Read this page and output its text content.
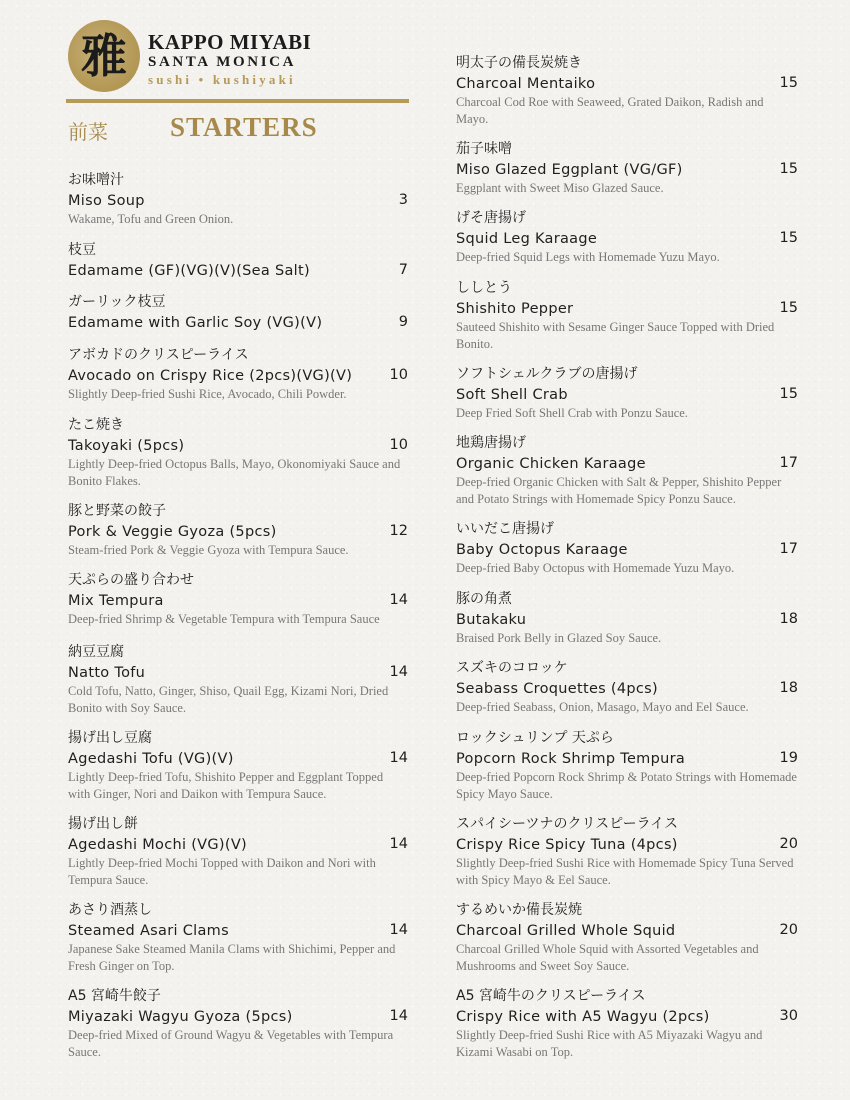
雅	KAPPO MIYABI
SANTA MONICA
sushi • kushiyaki
前菜 STARTERS
お味噌汁
Miso Soup	3
Wakame, Tofu and Green Onion.
枝豆
Edamame (GF)(VG)(V)(Sea Salt)	7
ガーリック枝豆
Edamame with Garlic Soy (VG)(V)	9
アボカドのクリスピーライス
Avocado on Crispy Rice (2pcs)(VG)(V)	10
Slightly Deep-fried Sushi Rice, Avocado, Chili Powder.
たこ焼き
Takoyaki (5pcs)	10
Lightly Deep-fried Octopus Balls, Mayo, Okonomiyaki Sauce and Bonito Flakes.
豚と野菜の餃子
Pork & Veggie Gyoza (5pcs)	12
Steam-fried Pork & Veggie Gyoza with Tempura Sauce.
天ぷらの盛り合わせ
Mix Tempura	14
Deep-fried Shrimp & Vegetable Tempura with Tempura Sauce
納豆豆腐
Natto Tofu	14
Cold Tofu, Natto, Ginger, Shiso, Quail Egg, Kizami Nori, Dried Bonito with Soy Sauce.
揚げ出し豆腐
Agedashi Tofu (VG)(V)	14
Lightly Deep-fried Tofu, Shishito Pepper and Eggplant Topped with Ginger, Nori and Daikon with Tempura Sauce.
揚げ出し餅
Agedashi Mochi (VG)(V)	14
Lightly Deep-fried Mochi Topped with Daikon and Nori with Tempura Sauce.
あさり酒蒸し
Steamed Asari Clams	14
Japanese Sake Steamed Manila Clams with Shichimi, Pepper and Fresh Ginger on Top.
A5 宮崎牛餃子
Miyazaki Wagyu Gyoza (5pcs)	14
Deep-fried Mixed of Ground Wagyu & Vegetables with Tempura Sauce.
明太子の備長炭焼き
Charcoal Mentaiko	15
Charcoal Cod Roe with Seaweed, Grated Daikon, Radish and Mayo.
茄子味噌
Miso Glazed Eggplant (VG/GF)	15
Eggplant with Sweet Miso Glazed Sauce.
げそ唐揚げ
Squid Leg Karaage	15
Deep-fried Squid Legs with Homemade Yuzu Mayo.
ししとう
Shishito Pepper	15
Sauteed Shishito with Sesame Ginger Sauce Topped with Dried Bonito.
ソフトシェルクラブの唐揚げ
Soft Shell Crab	15
Deep Fried Soft Shell Crab with Ponzu Sauce.
地鶏唐揚げ
Organic Chicken Karaage	17
Deep-fried Organic Chicken with Salt & Pepper, Shishito Pepper and Potato Strings with Homemade Spicy Ponzu Sauce.
いいだこ唐揚げ
Baby Octopus Karaage	17
Deep-fried Baby Octopus with Homemade Yuzu Mayo.
豚の角煮
Butakaku	18
Braised Pork Belly in Glazed Soy Sauce.
スズキのコロッケ
Seabass Croquettes (4pcs)	18
Deep-fried Seabass, Onion, Masago, Mayo and Eel Sauce.
ロックシュリンプ 天ぷら
Popcorn Rock Shrimp Tempura	19
Deep-fried Popcorn Rock Shrimp & Potato Strings with Homemade Spicy Mayo Sauce.
スパイシーツナのクリスピーライス
Crispy Rice Spicy Tuna (4pcs)	20
Slightly Deep-fried Sushi Rice with Homemade Spicy Tuna Served with Spicy Mayo & Eel Sauce.
するめいか備長炭焼
Charcoal Grilled Whole Squid	20
Charcoal Grilled Whole Squid with Assorted Vegetables and Mushrooms and Sweet Soy Sauce.
A5 宮崎牛のクリスピーライス
Crispy Rice with A5 Wagyu (2pcs)	30
Slightly Deep-fried Sushi Rice with A5 Miyazaki Wagyu and Kizami Wasabi on Top.
